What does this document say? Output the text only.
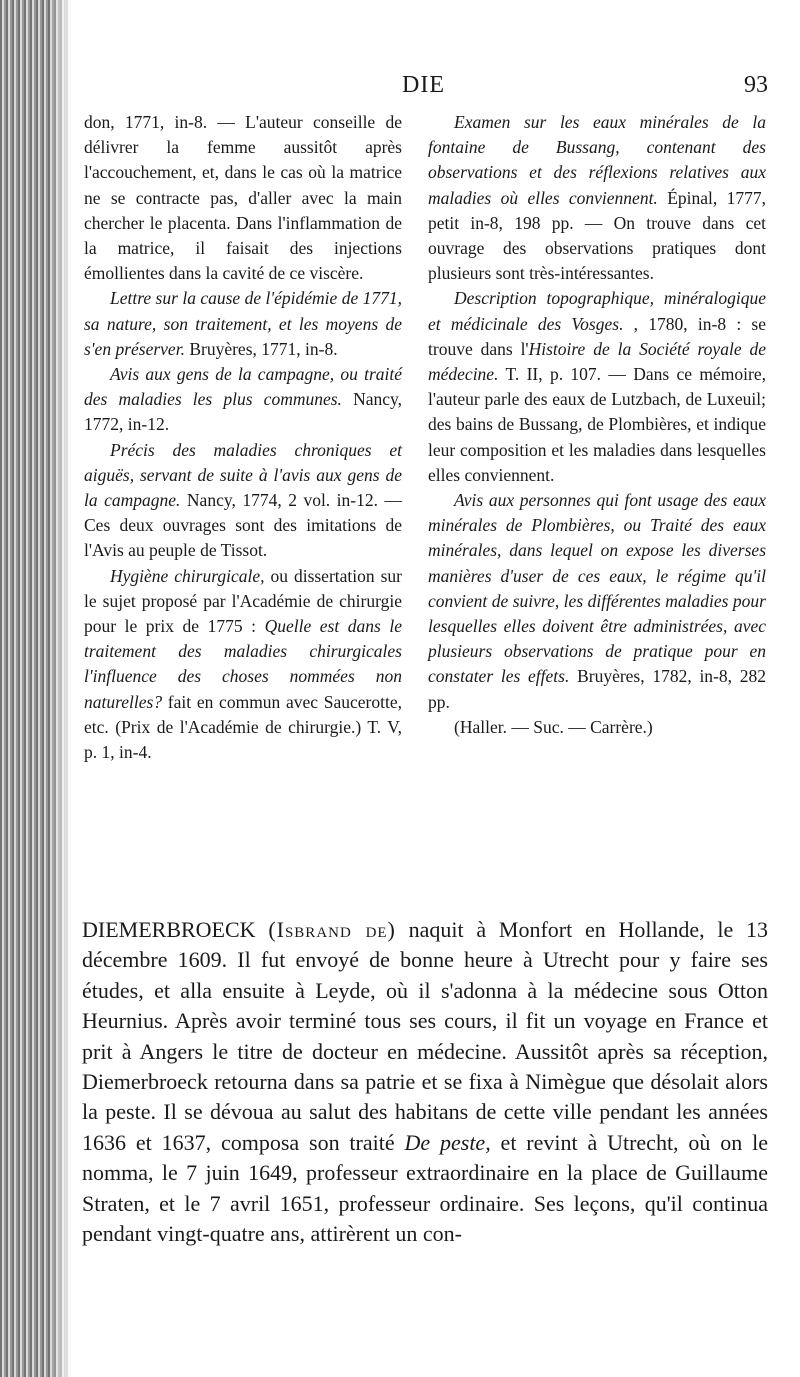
DIE	93

don, 1771, in-8. — L'auteur conseille de délivrer la femme aussitôt après l'accouchement, et, dans le cas où la matrice ne se contracte pas, d'aller avec la main chercher le placenta. Dans l'inflammation de la matrice, il faisait des injections émollientes dans la cavité de ce viscère.

Lettre sur la cause de l'épidémie de 1771, sa nature, son traitement, et les moyens de s'en préserver. Bruyères, 1771, in-8.

Avis aux gens de la campagne, ou traité des maladies les plus communes. Nancy, 1772, in-12.

Précis des maladies chroniques et aiguës, servant de suite à l'avis aux gens de la campagne. Nancy, 1774, 2 vol. in-12. — Ces deux ouvrages sont des imitations de l'Avis au peuple de Tissot.

Hygiène chirurgicale, ou dissertation sur le sujet proposé par l'Académie de chirurgie pour le prix de 1775 : Quelle est dans le traitement des maladies chirurgicales l'influence des choses nommées non naturelles? fait en commun avec Saucerotte, etc. (Prix de l'Académie de chirurgie.) T. V, p. 1, in-4.

Examen sur les eaux minérales de la fontaine de Bussang, contenant des observations et des réflexions relatives aux maladies où elles conviennent. Épinal, 1777, petit in-8, 198 pp. — On trouve dans cet ouvrage des observations pratiques dont plusieurs sont très-intéressantes.

Description topographique, minéralogique et médicinale des Vosges. , 1780, in-8 : se trouve dans l'Histoire de la Société royale de médecine. T. II, p. 107. — Dans ce mémoire, l'auteur parle des eaux de Lutzbach, de Luxeuil; des bains de Bussang, de Plombières, et indique leur composition et les maladies dans lesquelles elles conviennent.

Avis aux personnes qui font usage des eaux minérales de Plombières, ou Traité des eaux minérales, dans lequel on expose les diverses manières d'user de ces eaux, le régime qu'il convient de suivre, les différentes maladies pour lesquelles elles doivent être administrées, avec plusieurs observations de pratique pour en constater les effets. Bruyères, 1782, in-8, 282 pp.

(Haller. — Suc. — Carrère.)

DIEMERBROECK (Isbrand de) naquit à Monfort en Hollande, le 13 décembre 1609. Il fut envoyé de bonne heure à Utrecht pour y faire ses études, et alla ensuite à Leyde, où il s'adonna à la médecine sous Otton Heurnius. Après avoir terminé tous ses cours, il fit un voyage en France et prit à Angers le titre de docteur en médecine. Aussitôt après sa réception, Diemerbroeck retourna dans sa patrie et se fixa à Nimègue que désolait alors la peste. Il se dévoua au salut des habitans de cette ville pendant les années 1636 et 1637, composa son traité De peste, et revint à Utrecht, où on le nomma, le 7 juin 1649, professeur extraordinaire en la place de Guillaume Straten, et le 7 avril 1651, professeur ordinaire. Ses leçons, qu'il continua pendant vingt-quatre ans, attirèrent un con-
